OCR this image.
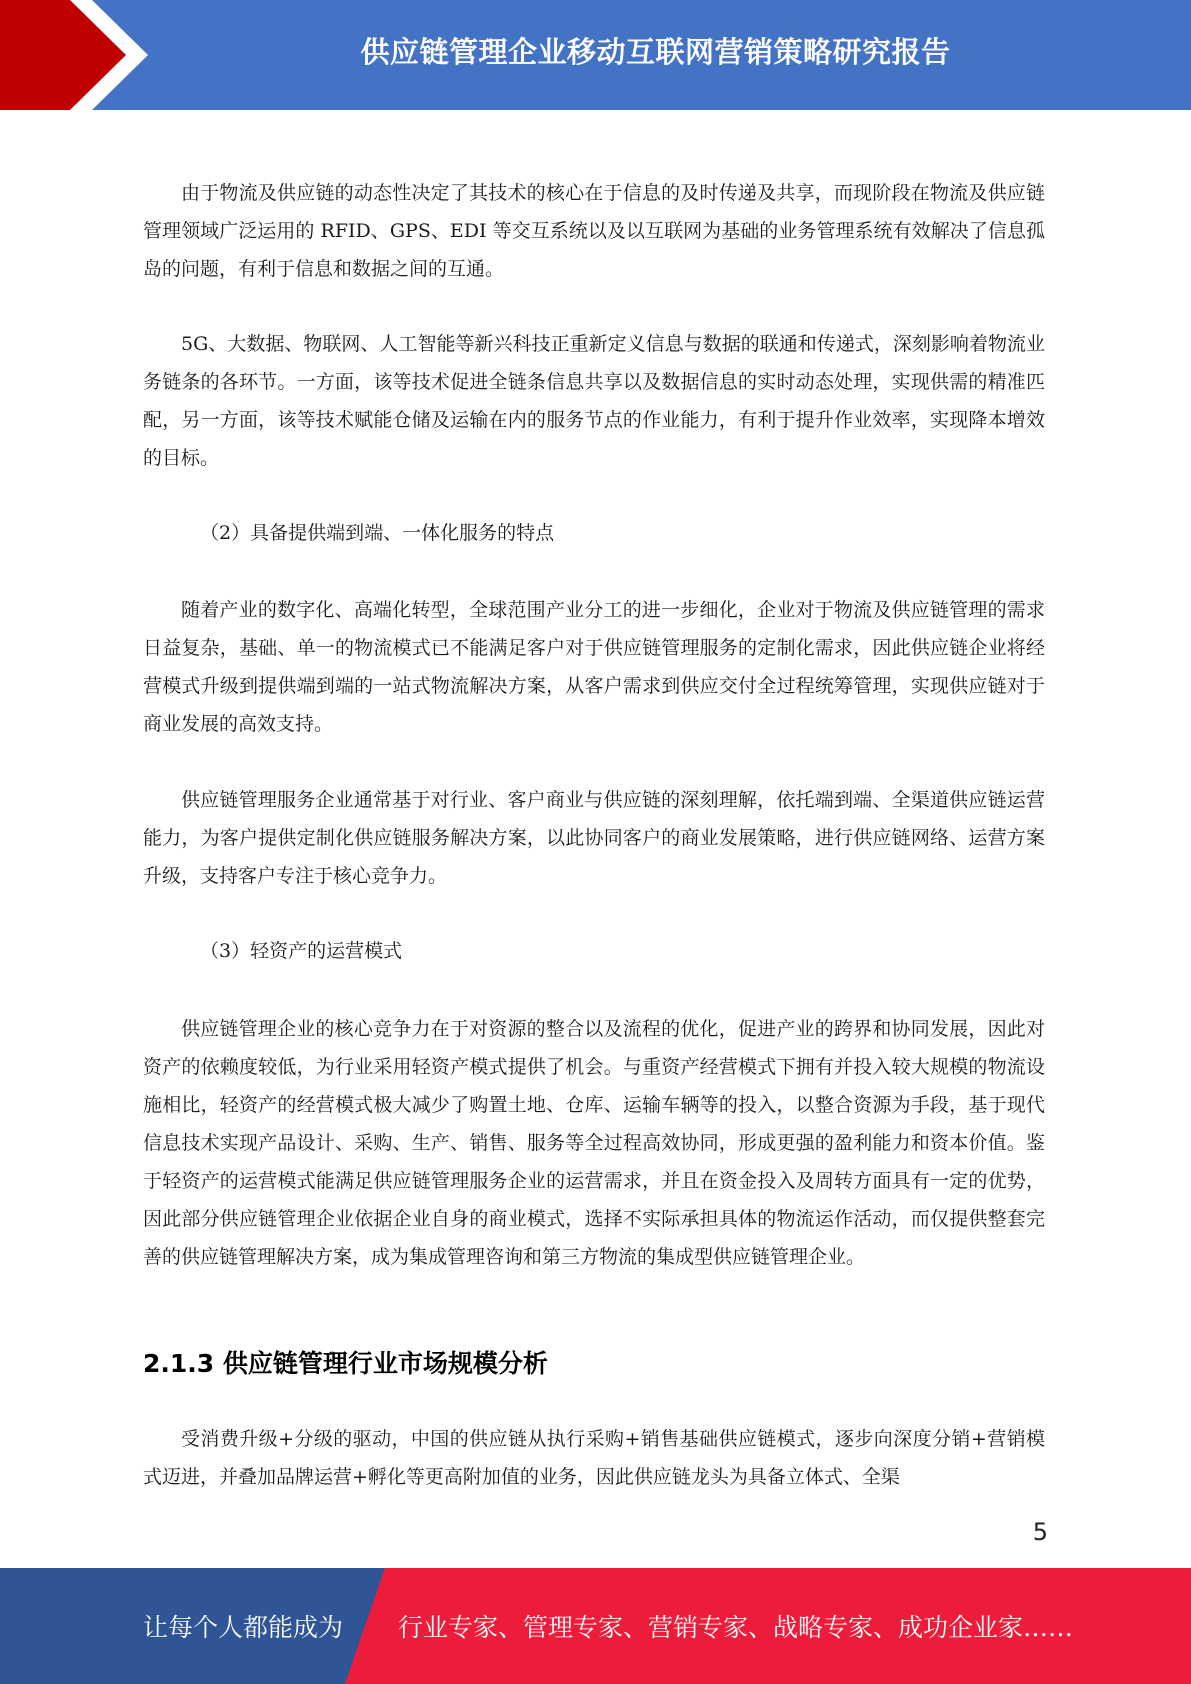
供应链管理企业移动互联网营销策略研究报告

由于物流及供应链的动态性决定了其技术的核心在于信息的及时传递及共享，而现阶段在物流及供应链管理领域广泛运用的 RFID、GPS、EDI 等交互系统以及以互联网为基础的业务管理系统有效解决了信息孤岛的问题，有利于信息和数据之间的互通。

5G、大数据、物联网、人工智能等新兴科技正重新定义信息与数据的联通和传递式，深刻影响着物流业务链条的各环节。一方面，该等技术促进全链条信息共享以及数据信息的实时动态处理，实现供需的精准匹配，另一方面，该等技术赋能仓储及运输在内的服务节点的作业能力，有利于提升作业效率，实现降本增效的目标。

（2）具备提供端到端、一体化服务的特点

随着产业的数字化、高端化转型，全球范围产业分工的进一步细化，企业对于物流及供应链管理的需求日益复杂，基础、单一的物流模式已不能满足客户对于供应链管理服务的定制化需求，因此供应链企业将经营模式升级到提供端到端的一站式物流解决方案，从客户需求到供应交付全过程统筹管理，实现供应链对于商业发展的高效支持。

供应链管理服务企业通常基于对行业、客户商业与供应链的深刻理解，依托端到端、全渠道供应链运营能力，为客户提供定制化供应链服务解决方案，以此协同客户的商业发展策略，进行供应链网络、运营方案升级，支持客户专注于核心竞争力。

（3）轻资产的运营模式

供应链管理企业的核心竞争力在于对资源的整合以及流程的优化，促进产业的跨界和协同发展，因此对资产的依赖度较低，为行业采用轻资产模式提供了机会。与重资产经营模式下拥有并投入较大规模的物流设施相比，轻资产的经营模式极大减少了购置土地、仓库、运输车辆等的投入，以整合资源为手段，基于现代信息技术实现产品设计、采购、生产、销售、服务等全过程高效协同，形成更强的盈利能力和资本价值。鉴于轻资产的运营模式能满足供应链管理服务企业的运营需求，并且在资金投入及周转方面具有一定的优势，因此部分供应链管理企业依据企业自身的商业模式，选择不实际承担具体的物流运作活动，而仅提供整套完善的供应链管理解决方案，成为集成管理咨询和第三方物流的集成型供应链管理企业。

2.1.3 供应链管理行业市场规模分析

受消费升级+分级的驱动，中国的供应链从执行采购+销售基础供应链模式，逐步向深度分销+营销模式迈进，并叠加品牌运营+孵化等更高附加值的业务，因此供应链龙头为具备立体式、全渠

5
让每个人都能成为 行业专家、管理专家、营销专家、战略专家、成功企业家……
